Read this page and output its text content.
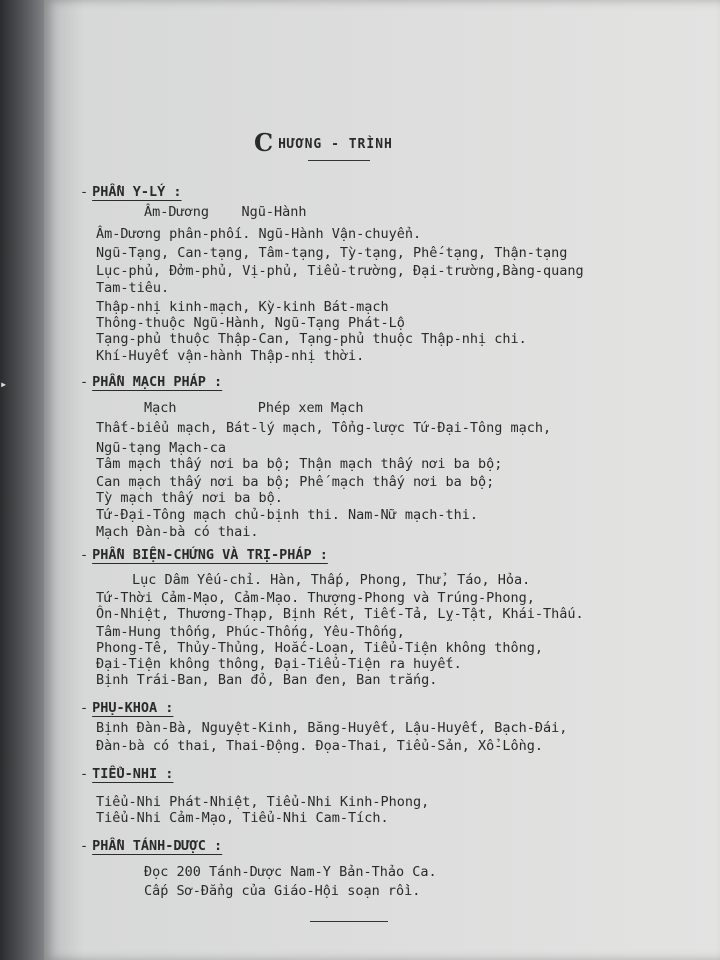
▸
CHƯƠNG - TRÌNH
- PHẦN Y-LÝ :
Âm-Dương    Ngũ-Hành
Âm-Dương phân-phối. Ngũ-Hành Vận-chuyển.
Ngũ-Tạng, Can-tạng, Tâm-tạng, Tỳ-tạng, Phế-tạng, Thận-tạng
Lục-phủ, Đởm-phủ, Vị-phủ, Tiểu-trường, Đại-trường,Bàng-quang
Tam-tiêu.
Thập-nhị kinh-mạch, Kỳ-kinh Bát-mạch
Thông-thuộc Ngũ-Hành, Ngũ-Tạng Phát-Lộ
Tạng-phủ thuộc Thập-Can, Tạng-phủ thuộc Thập-nhị chi.
Khí-Huyết vận-hành Thập-nhị thời.
- PHẦN MẠCH PHÁP :
Mạch          Phép xem Mạch
Thất-biểu mạch, Bát-lý mạch, Tổng-lược Tứ-Đại-Tông mạch,
Ngũ-tạng Mạch-ca
Tâm mạch thấy nơi ba bộ; Thận mạch thấy nơi ba bộ;
Can mạch thấy nơi ba bộ; Phế mạch thấy nơi ba bộ;
Tỳ mạch thấy nơi ba bộ.
Tứ-Đại-Tông mạch chủ-bịnh thi. Nam-Nữ mạch-thi.
Mạch Đàn-bà có thai.
- PHẦN BIỆN-CHỨNG VÀ TRỊ-PHÁP :
Lục Dâm Yếu-chỉ. Hàn, Thấp, Phong, Thử, Táo, Hỏa.
Tứ-Thời Cảm-Mạo, Cảm-Mạo. Thượng-Phong và Trúng-Phong,
Ôn-Nhiệt, Thương-Thạp, Bịnh Rét, Tiết-Tả, Lỵ-Tật, Khái-Thấu.
Tâm-Hung thống, Phúc-Thống, Yêu-Thống,
Phong-Tê, Thủy-Thủng, Hoắc-Loạn, Tiểu-Tiện không thông,
Đại-Tiện không thông, Đại-Tiểu-Tiện ra huyết.
Bịnh Trái-Ban, Ban đỏ, Ban đen, Ban trắng.
- PHỤ-KHOA :
Bịnh Đàn-Bà, Nguyệt-Kinh, Băng-Huyết, Lậu-Huyết, Bạch-Đái,
Đàn-bà có thai, Thai-Động. Đọa-Thai, Tiểu-Sản, Xổ-Lồng.
- TIỂU-NHI :
Tiểu-Nhi Phát-Nhiệt, Tiểu-Nhi Kinh-Phong,
Tiểu-Nhi Cảm-Mạo, Tiểu-Nhi Cam-Tích.
- PHẦN TÁNH-DƯỢC :
Đọc 200 Tánh-Dược Nam-Y Bản-Thảo Ca.
Cấp Sơ-Đẳng của Giáo-Hội soạn rồi.
